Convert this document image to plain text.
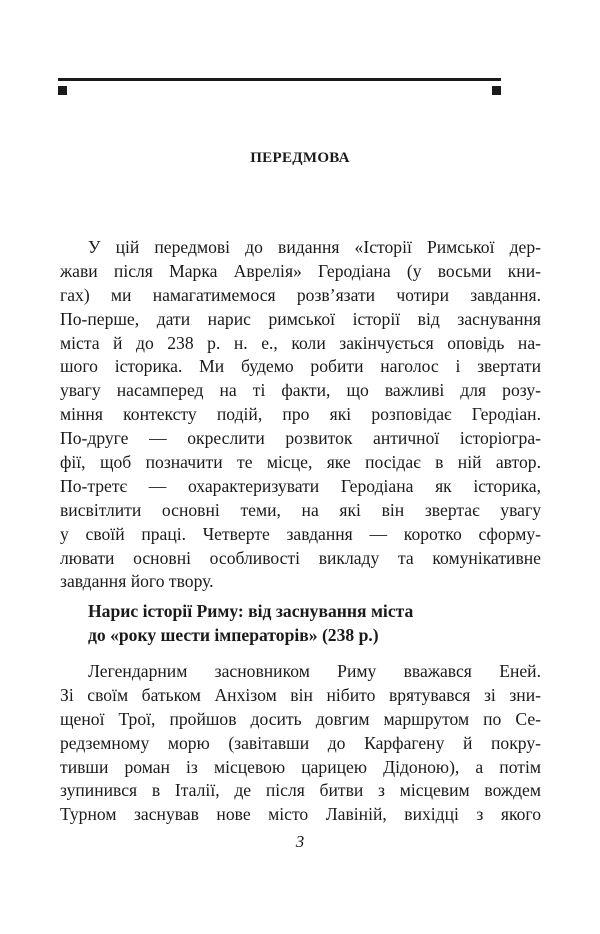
ПЕРЕДМОВА
У цій передмові до видання «Історії Римської дер-
жави після Марка Аврелія» Геродіана (у восьми кни-
гах) ми намагатимемося розв’язати чотири завдання.
По-перше, дати нарис римської історії від заснування
міста й до 238 р. н. е., коли закінчується оповідь на-
шого історика. Ми будемо робити наголос і звертати
увагу насамперед на ті факти, що важливі для розу-
міння контексту подій, про які розповідає Геродіан.
По-друге — окреслити розвиток античної історіогра-
фії, щоб позначити те місце, яке посідає в ній автор.
По-третє — охарактеризувати Геродіана як історика,
висвітлити основні теми, на які він звертає увагу
у своїй праці. Четверте завдання — коротко сформу-
лювати основні особливості викладу та комунікативне
завдання його твору.
Нарис історії Риму: від заснування міста
до «року шести імператорів» (238 р.)
Легендарним засновником Риму вважався Еней.
Зі своїм батьком Анхізом він нібито врятувався зі зни-
щеної Трої, пройшов досить довгим маршрутом по Се-
редземному морю (завітавши до Карфагену й покру-
тивши роман із місцевою царицею Дідоною), а потім
зупинився в Італії, де після битви з місцевим вождем
Турном заснував нове місто Лавіній, вихідці з якого
3
